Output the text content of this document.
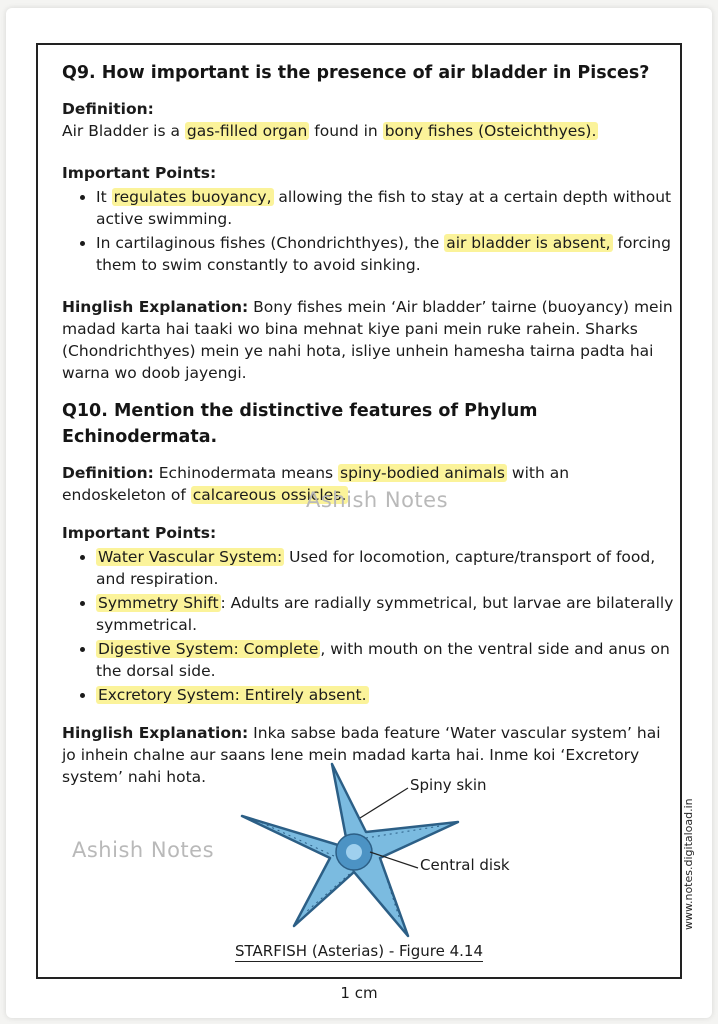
Q9. How important is the presence of air bladder in Pisces?

Definition:
Air Bladder is a gas-filled organ found in bony fishes (Osteichthyes).

Important Points:

• It regulates buoyancy, allowing the fish to stay at a certain depth without active swimming.
• In cartilaginous fishes (Chondrichthyes), the air bladder is absent, forcing them to swim constantly to avoid sinking.

Hinglish Explanation: Bony fishes mein ‘Air bladder’ tairne (buoyancy) mein madad karta hai taaki wo bina mehnat kiye pani mein ruke rahein. Sharks (Chondrichthyes) mein ye nahi hota, isliye unhein hamesha tairna padta hai warna wo doob jayengi.

Q10. Mention the distinctive features of Phylum Echinodermata.

Definition: Echinodermata means spiny-bodied animals with an endoskeleton of calcareous ossicles.

Important Points:

• Water Vascular System: Used for locomotion, capture/transport of food, and respiration.
• Symmetry Shift : Adults are radially symmetrical, but larvae are bilaterally symmetrical.
• Digestive System: Complete , with mouth on the ventral side and anus on the dorsal side.
• Excretory System: Entirely absent.

Hinglish Explanation: Inka sabse bada feature ‘Water vascular system’ hai jo inhein chalne aur saans lene mein madad karta hai. Inme koi ‘Excretory system’ nahi hota.

Ashish Notes
Ashish Notes	www.notes.digitaload.in
Spiny skin
Central disk
STARFISH (Asterias) - Figure 4.14
1 cm
